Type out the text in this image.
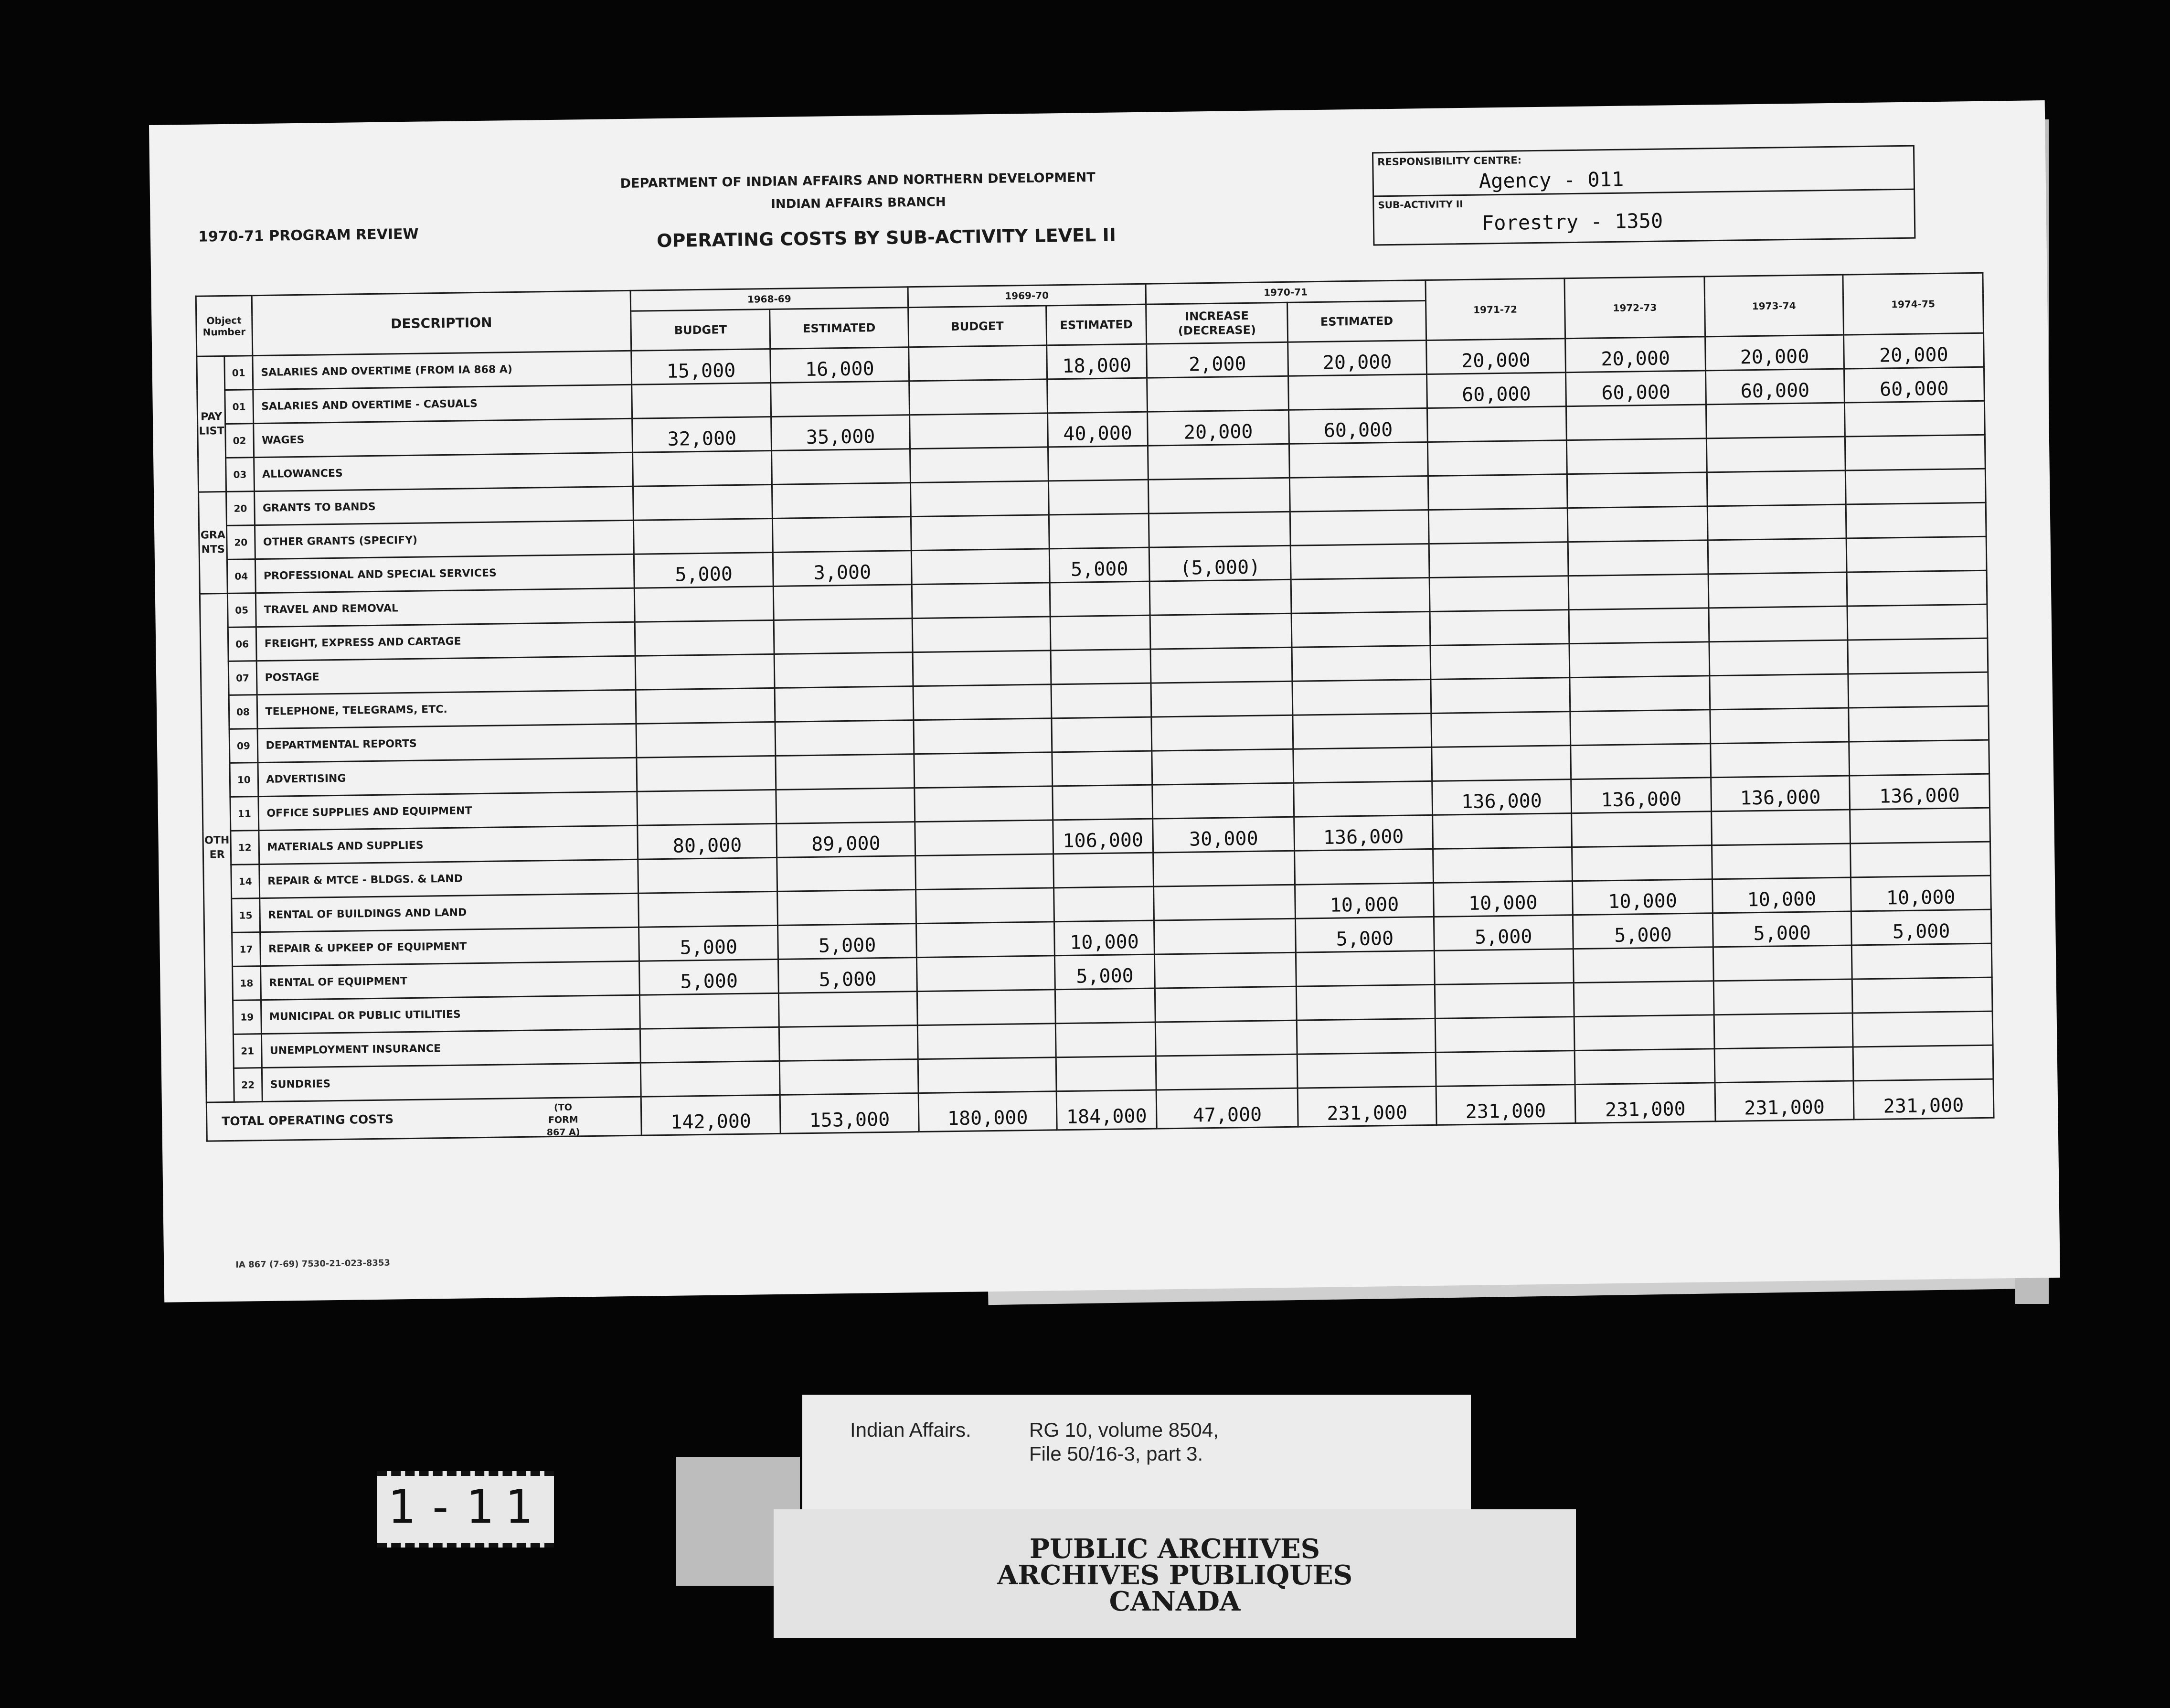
1970-71 PROGRAM REVIEW
DEPARTMENT OF INDIAN AFFAIRS AND NORTHERN DEVELOPMENT
INDIAN AFFAIRS BRANCH
OPERATING COSTS BY SUB-ACTIVITY LEVEL II
RESPONSIBILITY CENTRE:
Agency - 011
SUB-ACTIVITY II
Forestry - 1350
Object Number		DESCRIPTION	1968-69		1969-70		1970-71		1971-72	1972-73	1973-74	1974-75
			BUDGET	ESTIMATED	BUDGET	ESTIMATED	INCREASE (DECREASE)	ESTIMATED				
PAYLIST	01	SALARIES AND OVERTIME (FROM IA 868 A)	15,000	16,000		18,000	2,000	20,000	20,000	20,000	20,000	20,000
	01	SALARIES AND OVERTIME - CASUALS							60,000	60,000	60,000	60,000
	02	WAGES	32,000	35,000		40,000	20,000	60,000				
	03	ALLOWANCES										
GRANTS	20	GRANTS TO BANDS										
	20	OTHER GRANTS (SPECIFY)										
	04	PROFESSIONAL AND SPECIAL SERVICES	5,000	3,000		5,000	(5,000)					
OTHER	05	TRAVEL AND REMOVAL										
	06	FREIGHT, EXPRESS AND CARTAGE										
	07	POSTAGE										
	08	TELEPHONE, TELEGRAMS, ETC.										
	09	DEPARTMENTAL REPORTS										
	10	ADVERTISING										
	11	OFFICE SUPPLIES AND EQUIPMENT							136,000	136,000	136,000	136,000
	12	MATERIALS AND SUPPLIES	80,000	89,000		106,000	30,000	136,000				
	14	REPAIR & MTCE - BLDGS. & LAND										
	15	RENTAL OF BUILDINGS AND LAND						10,000	10,000	10,000	10,000	10,000
	17	REPAIR & UPKEEP OF EQUIPMENT	5,000	5,000		10,000		5,000	5,000	5,000	5,000	5,000
	18	RENTAL OF EQUIPMENT	5,000	5,000		5,000						
	19	MUNICIPAL OR PUBLIC UTILITIES										
	21	UNEMPLOYMENT INSURANCE										
	22	SUNDRIES										

TOTAL OPERATING COSTS
(TO FORM 867 A)			142,000	153,000	180,000	184,000	47,000	231,000	231,000	231,000	231,000	231,000
IA 867 (7-69) 7530-21-023-8353
1-11
Indian Affairs.	RG 10, volume 8504,
File 50/16-3, part 3.
PUBLIC ARCHIVES
ARCHIVES PUBLIQUES
CANADA
